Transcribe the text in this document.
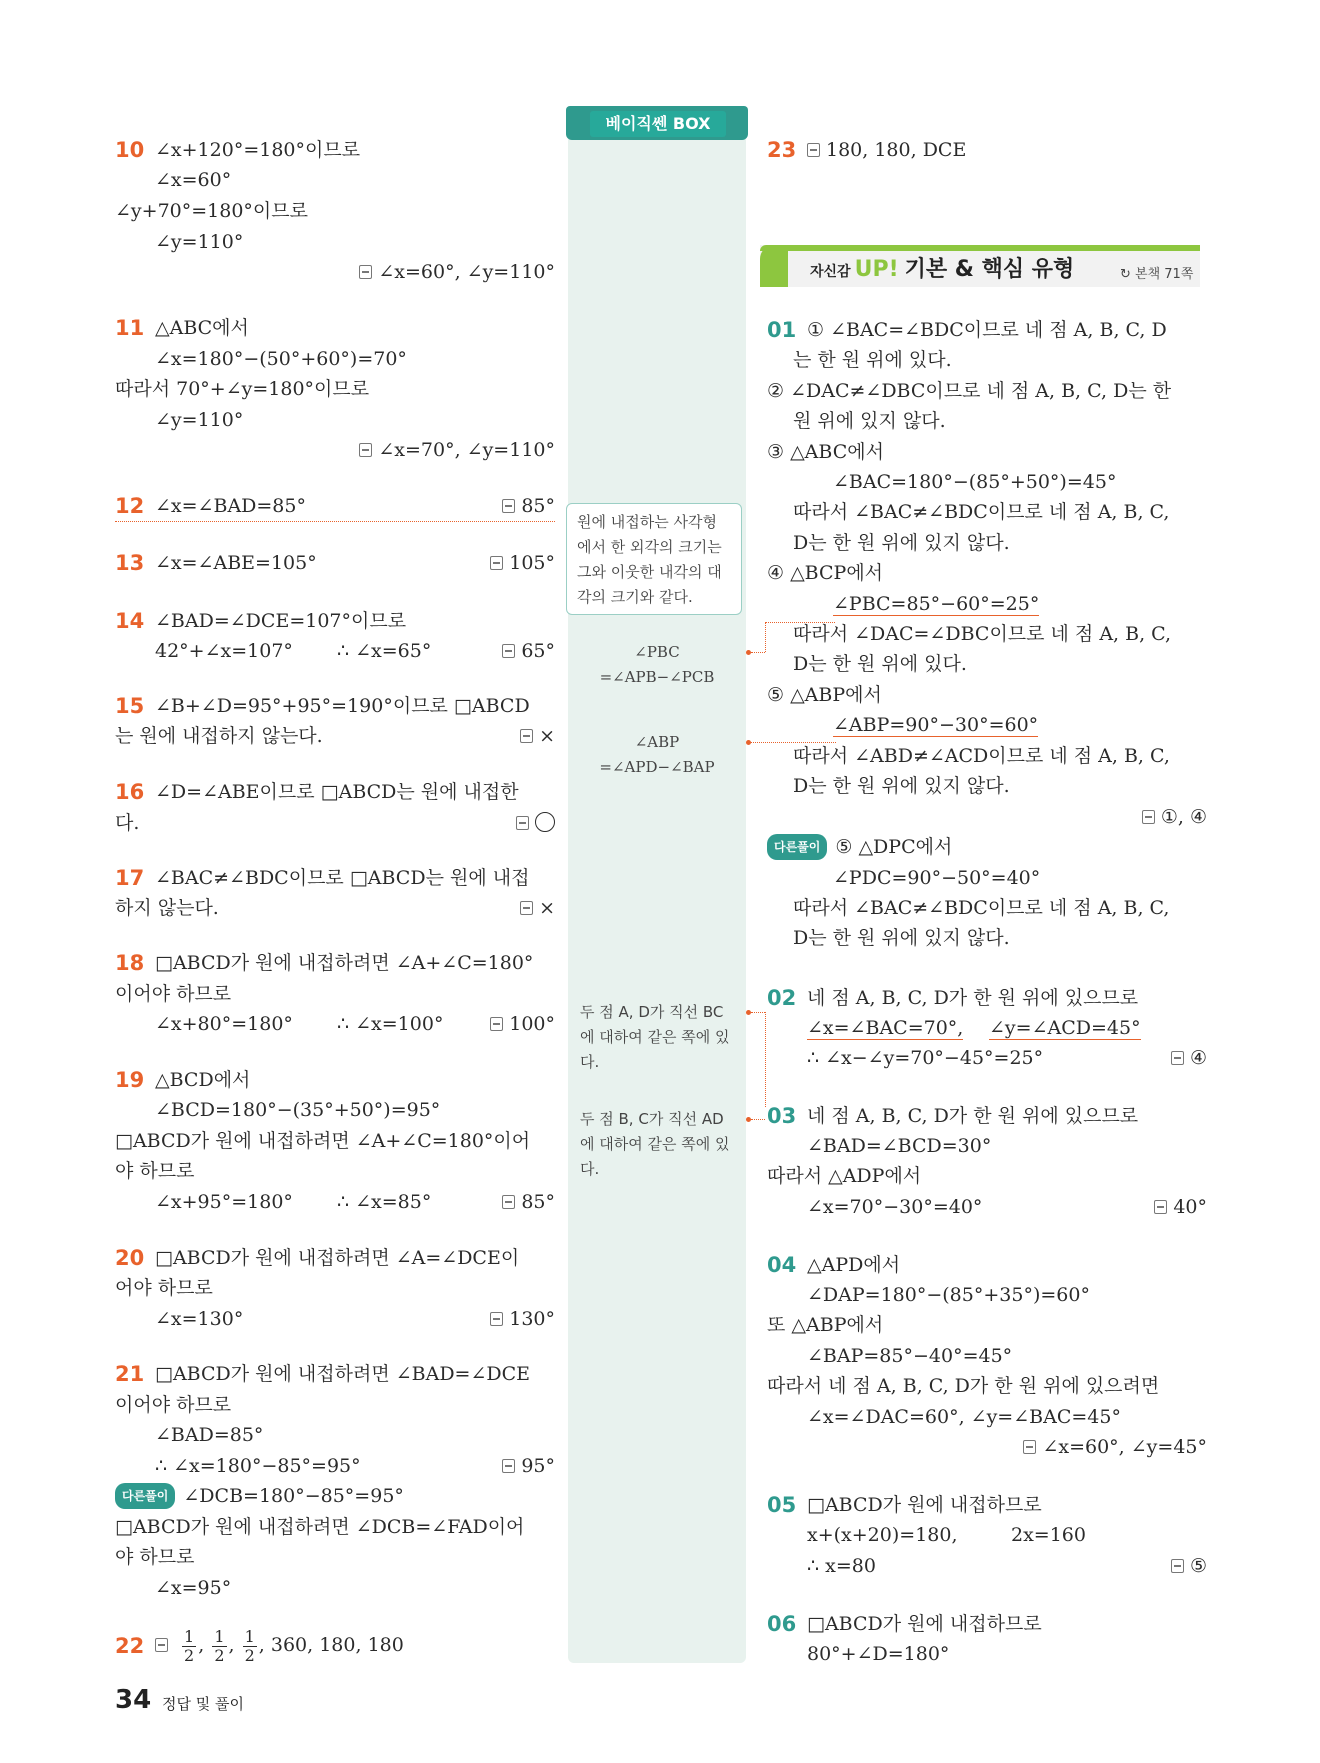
10 ∠x+120°=180°이므로
∠x=60°
∠y+70°=180°이므로
∠y=110°
∠x=60°, ∠y=110°
11 △ABC에서
∠x=180°−(50°+60°)=70°
따라서 70°+∠y=180°이므로
∠y=110°
∠x=70°, ∠y=110°
12 ∠x=∠BAD=85°	85°
13 ∠x=∠ABE=105°	105°
14 ∠BAD=∠DCE=107°이므로
42°+∠x=107° ∴ ∠x=65°	65°
15 ∠B+∠D=95°+95°=190°이므로 □ABCD
는 원에 내접하지 않는다.	×
16 ∠D=∠ABE이므로 □ABCD는 원에 내접한
다.
17 ∠BAC≠∠BDC이므로 □ABCD는 원에 내접
하지 않는다.	×
18 □ABCD가 원에 내접하려면 ∠A+∠C=180°
이어야 하므로
∠x+80°=180° ∴ ∠x=100°	100°
19 △BCD에서
∠BCD=180°−(35°+50°)=95°
□ABCD가 원에 내접하려면 ∠A+∠C=180°이어
야 하므로
∠x+95°=180° ∴ ∠x=85°	85°
20 □ABCD가 원에 내접하려면 ∠A=∠DCE이
어야 하므로
∠x=130°	130°
21 □ABCD가 원에 내접하려면 ∠BAD=∠DCE
이어야 하므로
∠BAD=85°
∴ ∠x=180°−85°=95°	95°
다른풀이 ∠DCB=180°−85°=95°
□ABCD가 원에 내접하려면 ∠DCB=∠FAD이어
야 하므로
∠x=95°
22
$\frac{1}{2}$ , $\frac{1}{2}$ , $\frac{1}{2}$ , 360, 180, 180
베이직쎈 BOX
원에 내접하는 사각형에서 한 외각의 크기는 그와 이웃한 내각의 대각의 크기와 같다.
∠PBC
=∠APB−∠PCB
∠ABP
=∠APD−∠BAP
두 점 A, D가 직선 BC
에 대하여 같은 쪽에 있
다.
두 점 B, C가 직선 AD
에 대하여 같은 쪽에 있
다.
23	180, 180, DCE
자신감 UP! 기본 & 핵심 유형	↻ 본책 71쪽
01 ① ∠BAC=∠BDC이므로 네 점 A, B, C, D
는 한 원 위에 있다.
② ∠DAC≠∠DBC이므로 네 점 A, B, C, D는 한
원 위에 있지 않다.
③ △ABC에서
∠BAC=180°−(85°+50°)=45°
따라서 ∠BAC≠∠BDC이므로 네 점 A, B, C,
D는 한 원 위에 있지 않다.
④ △BCP에서
∠PBC=85°−60°=25°
따라서 ∠DAC=∠DBC이므로 네 점 A, B, C,
D는 한 원 위에 있다.
⑤ △ABP에서
∠ABP=90°−30°=60°
따라서 ∠ABD≠∠ACD이므로 네 점 A, B, C,
D는 한 원 위에 있지 않다.
①, ④
다른풀이 ⑤ △DPC에서
∠PDC=90°−50°=40°
따라서 ∠BAC≠∠BDC이므로 네 점 A, B, C,
D는 한 원 위에 있지 않다.
02 네 점 A, B, C, D가 한 원 위에 있으므로
∠x=∠BAC=70°, ∠y=∠ACD=45°
∴ ∠x−∠y=70°−45°=25°	④
03 네 점 A, B, C, D가 한 원 위에 있으므로
∠BAD=∠BCD=30°
따라서 △ADP에서
∠x=70°−30°=40°	40°
04 △APD에서
∠DAP=180°−(85°+35°)=60°
또 △ABP에서
∠BAP=85°−40°=45°
따라서 네 점 A, B, C, D가 한 원 위에 있으려면
∠x=∠DAC=60°, ∠y=∠BAC=45°
∠x=60°, ∠y=45°
05 □ABCD가 원에 내접하므로
x+(x+20)=180,	2x=160
∴ x=80	⑤
06 □ABCD가 원에 내접하므로
80°+∠D=180°
34 정답 및 풀이
